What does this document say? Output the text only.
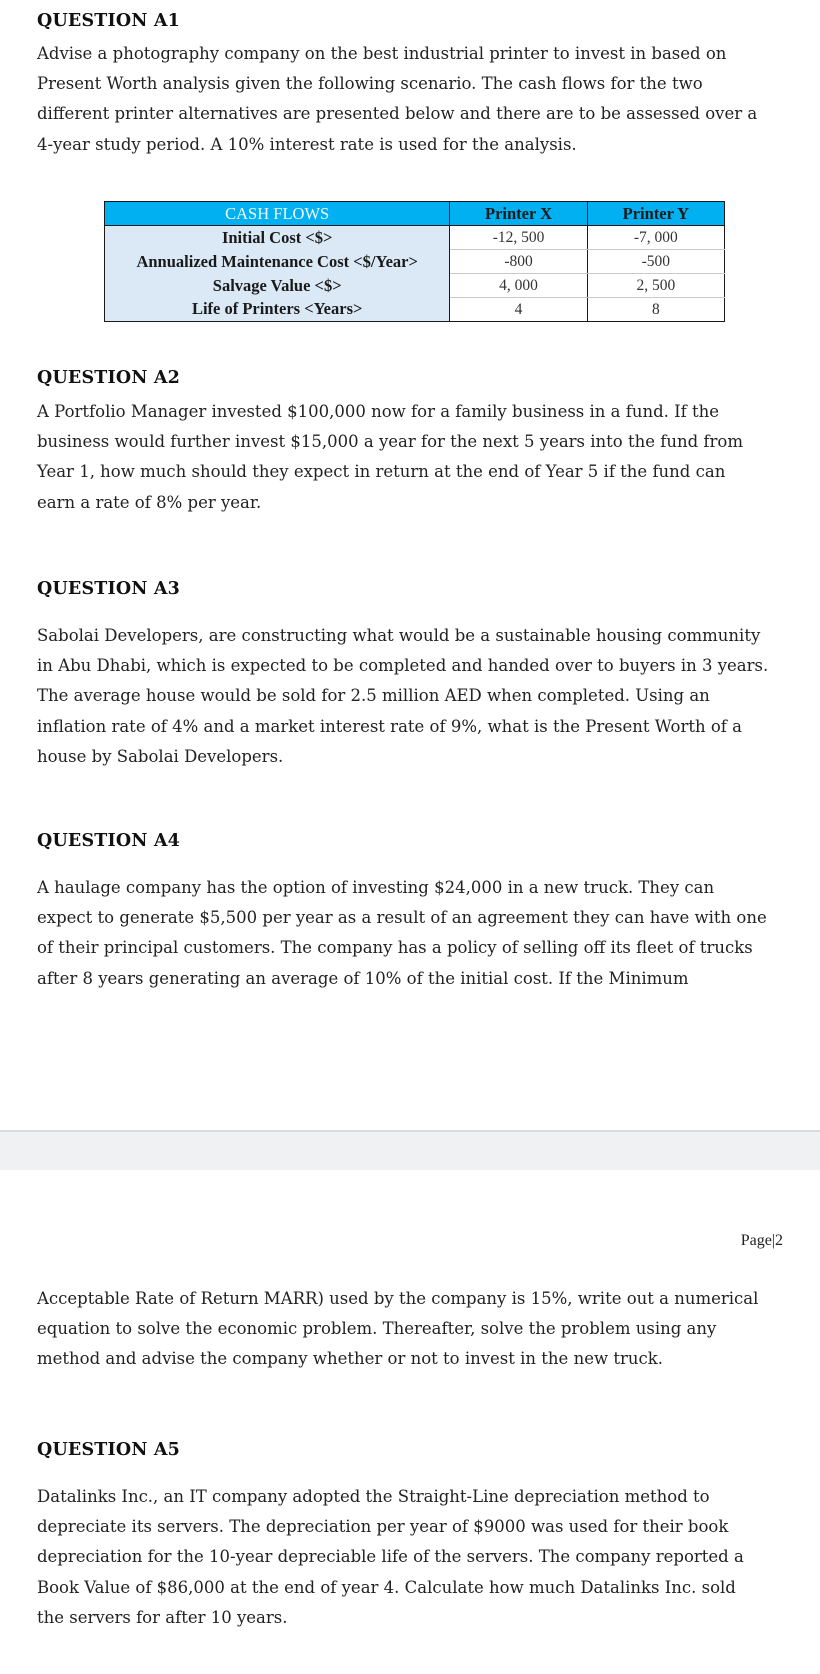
QUESTION A1
Advise a photography company on the best industrial printer to invest in based on
Present Worth analysis given the following scenario. The cash flows for the two
different printer alternatives are presented below and there are to be assessed over a
4-year study period. A 10% interest rate is used for the analysis.
CASH FLOWS	Printer X	Printer Y
Initial Cost <$>	-12, 500	-7, 000
Annualized Maintenance Cost <$/Year>	-800	-500
Salvage Value <$>	4, 000	2, 500
Life of Printers <Years>	4	8
QUESTION A2
A Portfolio Manager invested $100,000 now for a family business in a fund. If the
business would further invest $15,000 a year for the next 5 years into the fund from
Year 1, how much should they expect in return at the end of Year 5 if the fund can
earn a rate of 8% per year.
QUESTION A3
Sabolai Developers, are constructing what would be a sustainable housing community
in Abu Dhabi, which is expected to be completed and handed over to buyers in 3 years.
The average house would be sold for 2.5 million AED when completed. Using an
inflation rate of 4% and a market interest rate of 9%, what is the Present Worth of a
house by Sabolai Developers.
QUESTION A4
A haulage company has the option of investing $24,000 in a new truck. They can
expect to generate $5,500 per year as a result of an agreement they can have with one
of their principal customers. The company has a policy of selling off its fleet of trucks
after 8 years generating an average of 10% of the initial cost. If the Minimum
Page|2
Acceptable Rate of Return MARR) used by the company is 15%, write out a numerical
equation to solve the economic problem. Thereafter, solve the problem using any
method and advise the company whether or not to invest in the new truck.
QUESTION A5
Datalinks Inc., an IT company adopted the Straight-Line depreciation method to
depreciate its servers. The depreciation per year of $9000 was used for their book
depreciation for the 10-year depreciable life of the servers. The company reported a
Book Value of $86,000 at the end of year 4. Calculate how much Datalinks Inc. sold
the servers for after 10 years.
